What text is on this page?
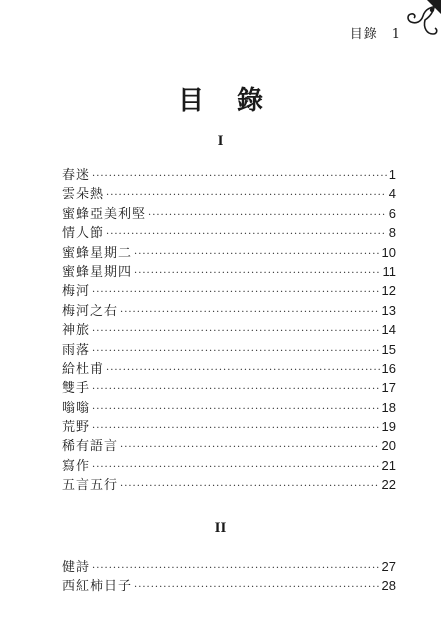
目錄 1
目 錄
I
春迷 ·····	1
雲朵熱 ·····	4
蜜蜂亞美利堅 ·····	6
情人節 ·····	8
蜜蜂星期二 ·····	10
蜜蜂星期四 ·····	11
梅河 ·····	12
梅河之右 ·····	13
神旅 ·····	14
雨落 ·····	15
給杜甫 ·····	16
雙手 ·····	17
嗡嗡 ·····	18
荒野 ·····	19
稀有語言 ·····	20
寫作 ·····	21
五言五行 ·····	22
II
健詩 ·····	27
西紅柿日子 ·····	28
